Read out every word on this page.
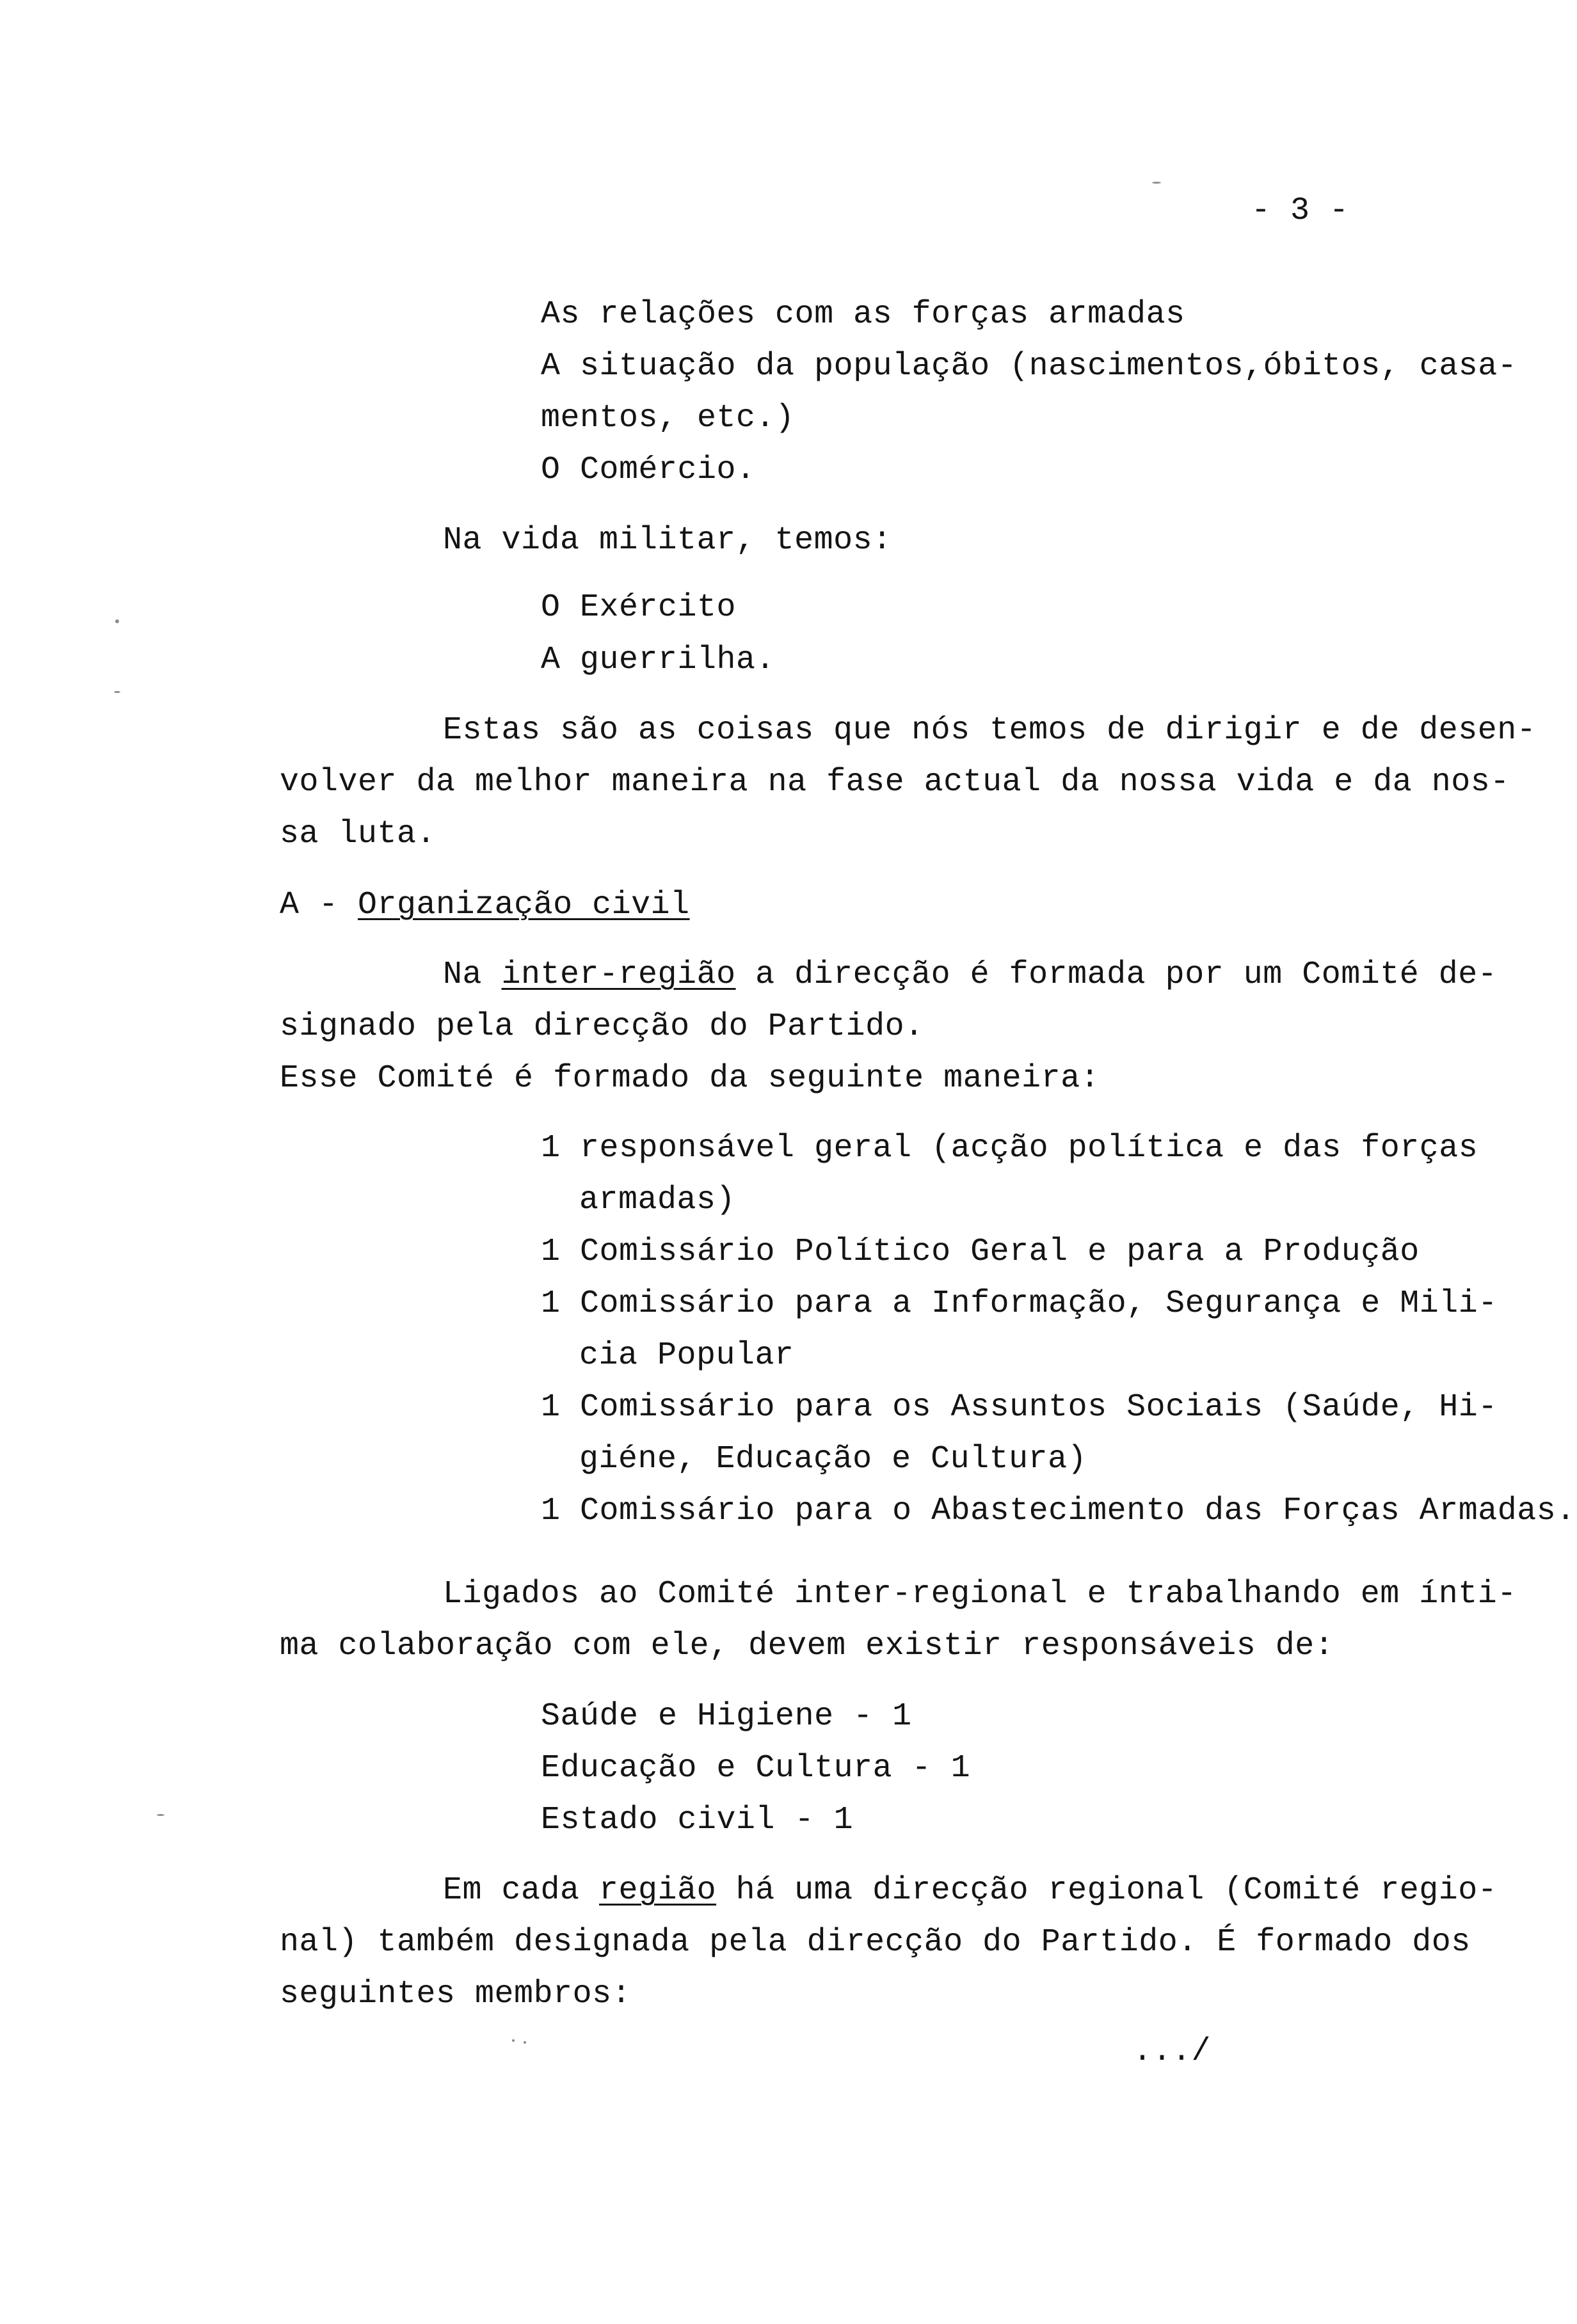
- 3 -
As relações com as forças armadas
A situação da população (nascimentos,óbitos, casa-
mentos, etc.)
O Comércio.
Na vida militar, temos:
O Exército
A guerrilha.
Estas são as coisas que nós temos de dirigir e de desen-
volver da melhor maneira na fase actual da nossa vida e da nos-
sa luta.
A - Organização civil
Na inter-região a direcção é formada por um Comité de-
signado pela direcção do Partido.
Esse Comité é formado da seguinte maneira:
1 responsável geral (acção política e das forças
armadas)
1 Comissário Político Geral e para a Produção
1 Comissário para a Informação, Segurança e Mili-
cia Popular
1 Comissário para os Assuntos Sociais (Saúde, Hi-
giéne, Educação e Cultura)
1 Comissário para o Abastecimento das Forças Armadas.
Ligados ao Comité inter-regional e trabalhando em ínti-
ma colaboração com ele, devem existir responsáveis de:
Saúde e Higiene - 1
Educação e Cultura - 1
Estado civil - 1
Em cada região há uma direcção regional (Comité regio-
nal) também designada pela direcção do Partido. É formado dos
seguintes membros:
.../
